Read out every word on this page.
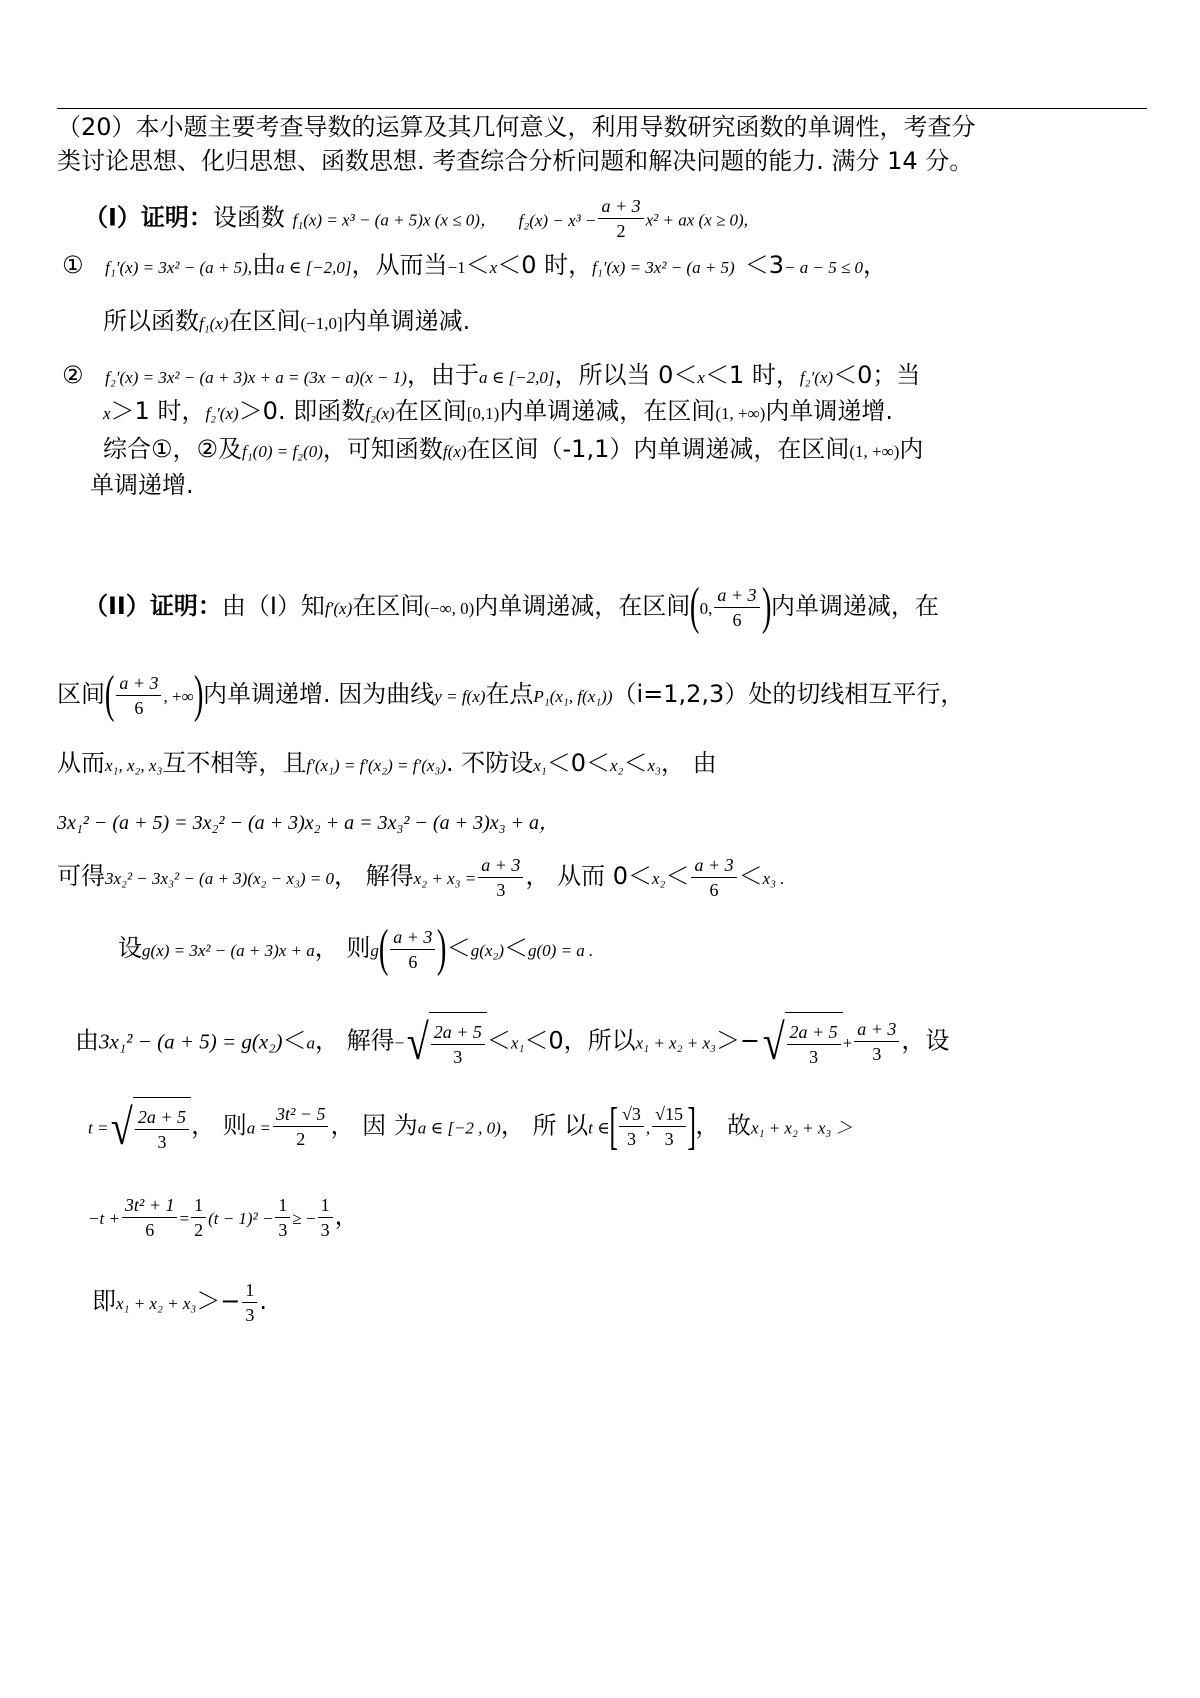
（20）本小题主要考查导数的运算及其几何意义，利用导数研究函数的单调性，考查分
类讨论思想、化归思想、函数思想. 考查综合分析问题和解决问题的能力. 满分 14 分。
（I）证明：设函数 f₁(x) = x³ − (a + 5)x (x ≤ 0)， $f_2(x) - x^3 - \frac{a + 3}{2} x^2$ + ax (x ≥ 0),
① f₁′(x) = 3x² − (a + 5),由a ∈ [−2,0]，从而当−1＜x＜0 时，f₁′(x) = 3x² − (a + 5) ＜3− a − 5 ≤ 0，
所以函数f₁(x)在区间(−1,0]内单调递减.
② f₂′(x) = 3x² − (a + 3)x + a = (3x − a)(x − 1)，由于a ∈ [−2,0]，所以当 0＜x＜1 时，f₂′(x)＜0；当
x＞1 时，f₂′(x)＞0. 即函数f₂(x)在区间[0,1)内单调递减，在区间(1, +∞)内单调递增.
综合①，②及f₁(0) = f₂(0)，可知函数f(x)在区间（-1,1）内单调递减，在区间(1, +∞)内
单调递增.
（II）证明：由（I）知f′(x)在区间(−∞, 0)内单调递减，在区间(0, $\frac{a + 3}{6}$ )内单调递减，在
区间( $\frac{a + 3}{6}$ , +∞)内单调递增. 因为曲线y = f(x)在点P₁(x₁, f(x₁))（i=1,2,3）处的切线相互平行，
从而x₁, x₂, x₃互不相等，且f′(x₁) = f′(x₂) = f′(x₃). 不防设x₁＜0＜x₂＜x₃， 由
3x₁² − (a + 5) = 3x₂² − (a + 3)x₂ + a = 3x₃² − (a + 3)x₃ + a，
可得3x₂² − 3x₃² − (a + 3)(x₂ − x₃) = 0， 解得$x_2 + x_3 = \frac{a + 3}{3}$ ， 从而 $0<x_2< \frac{a + 3}{6} <x_3$ .
设g(x) = 3x² − (a + 3)x + a， 则$g( \frac{a + 3}{6} )<g(x_2)<g(0) = a$ .
由3x₁² − (a + 5) = g(x₂)＜a， 解得−√ $\frac{2a + 5}{3} <x_1<0$，所以$x_1 + x_2 + x_3>-√ \frac{2a + 5}{3} + \frac{a + 3}{3}$ ，设
t =√ $\frac{2a + 5}{3}$ ， 则$a = \frac{\text{3t² − 5}}{2}$ ， 因 为a ∈ [−2 , 0)， 所 以t ∈[ $\frac{√3}{3}$ , $\frac{√15}{3}$ ]， 故x₁ + x₂ + x₃ ＞
$-t + \frac{\text{3t² + 1}}{6} = \frac{1}{2} (t - 1)^2 - \frac{1}{3}$ ≥ − $\frac{1}{3}$ ，
即$x_1 + x_2 + x_3>- \frac{1}{3}$ .
